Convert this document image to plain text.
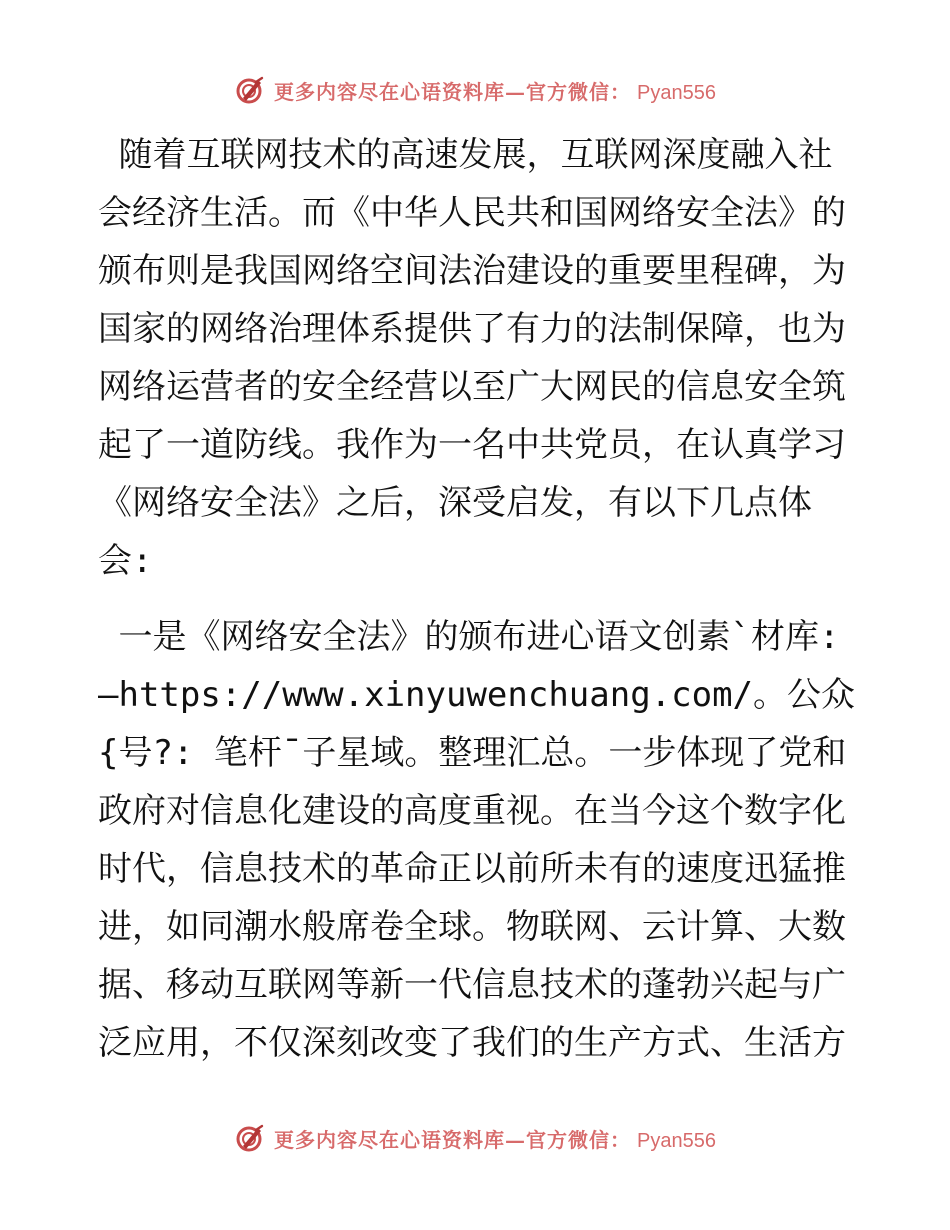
更多内容尽在心语资料库—官方微信： Pyan556

随着互联网技术的高速发展，互联网深度融入社会经济生活。而《中华人民共和国网络安全法》的颁布则是我国网络空间法治建设的重要里程碑，为国家的网络治理体系提供了有力的法制保障，也为网络运营者的安全经营以至广大网民的信息安全筑起了一道防线。我作为一名中共党员，在认真学习《网络安全法》之后，深受启发，有以下几点体会:

一是《网络安全法》的颁布进心语文创素`材库:—https://www.xinyuwenchuang.com/。公众{号?: 笔杆¯子星域。整理汇总。一步体现了党和政府对信息化建设的高度重视。在当今这个数字化时代，信息技术的革命正以前所未有的速度迅猛推进，如同潮水般席卷全球。物联网、云计算、大数据、移动互联网等新一代信息技术的蓬勃兴起与广泛应用，不仅深刻改变了我们的生产方式、生活方

更多内容尽在心语资料库—官方微信： Pyan556
